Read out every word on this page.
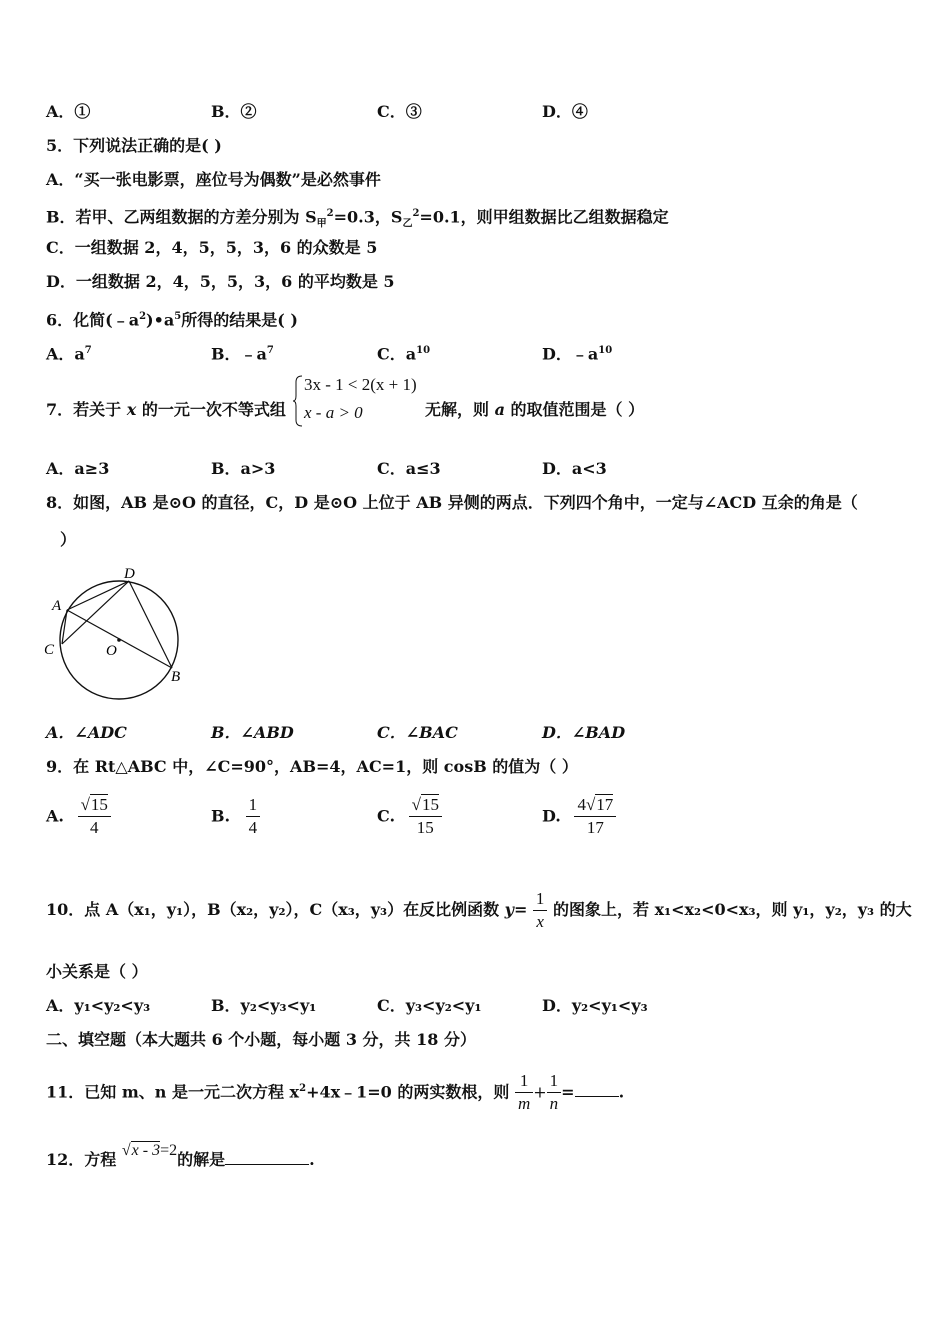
A．①	B．②	C．③	D．④
5．下列说法正确的是( )
A．“买一张电影票，座位号为偶数”是必然事件
B．若甲、乙两组数据的方差分别为 $S_甲^2=0.3$，$S_乙^2=0.1$，则甲组数据比乙组数据稳定
C．一组数据 2，4，5，5，3，6 的众数是 5
D．一组数据 2，4，5，5，3，6 的平均数是 5
6．化简$(﹣a^2)•a^5$所得的结果是( )
A．$a^7$	B．$﹣a^7$	C．$a^{10}$	D．$﹣a^{10}$
7．若关于 x 的一元一次不等式组
3x - 1 < 2(x + 1)
x - a > 0	无解，则 a 的取值范围是（ ）
A．a≥3	B．a>3	C．a≤3	D．a<3
8．如图，AB 是⊙O 的直径，C，D 是⊙O 上位于 AB 异侧的两点．下列四个角中，一定与∠ACD 互余的角是（
）
A
D
C	O
B
A．∠ADC	B．∠ABD	C．∠BAC	D．∠BAD
9．在 Rt△ABC 中，∠C=90°，AB=4，AC=1，则 cosB 的值为（ ）
A. $\frac{√15}{4}$	B. $\frac{1}{4}$	C. $\frac{√15}{15}$	D. $\frac{4√17}{17}$
10．点 A（x₁，y₁），B（x₂，y₂），C（x₃，y₃）在反比例函数 $y= \frac{1}{x}$ 的图象上，若 x₁<x₂<0<x₃，则 y₁，y₂，y₃ 的大
小关系是（ ）
A．y₁<y₂<y₃	B．y₂<y₃<y₁	C．y₃<y₂<y₁	D．y₂<y₁<y₃
二、填空题（本大题共 6 个小题，每小题 3 分，共 18 分）
11．已知 m、n 是一元二次方程 $x^2+4x﹣1=0$ 的两实数根，则 $\frac{1}{m} + \frac{1}{n}$ =	.
12．方程 √x - 3=2的解是	.
